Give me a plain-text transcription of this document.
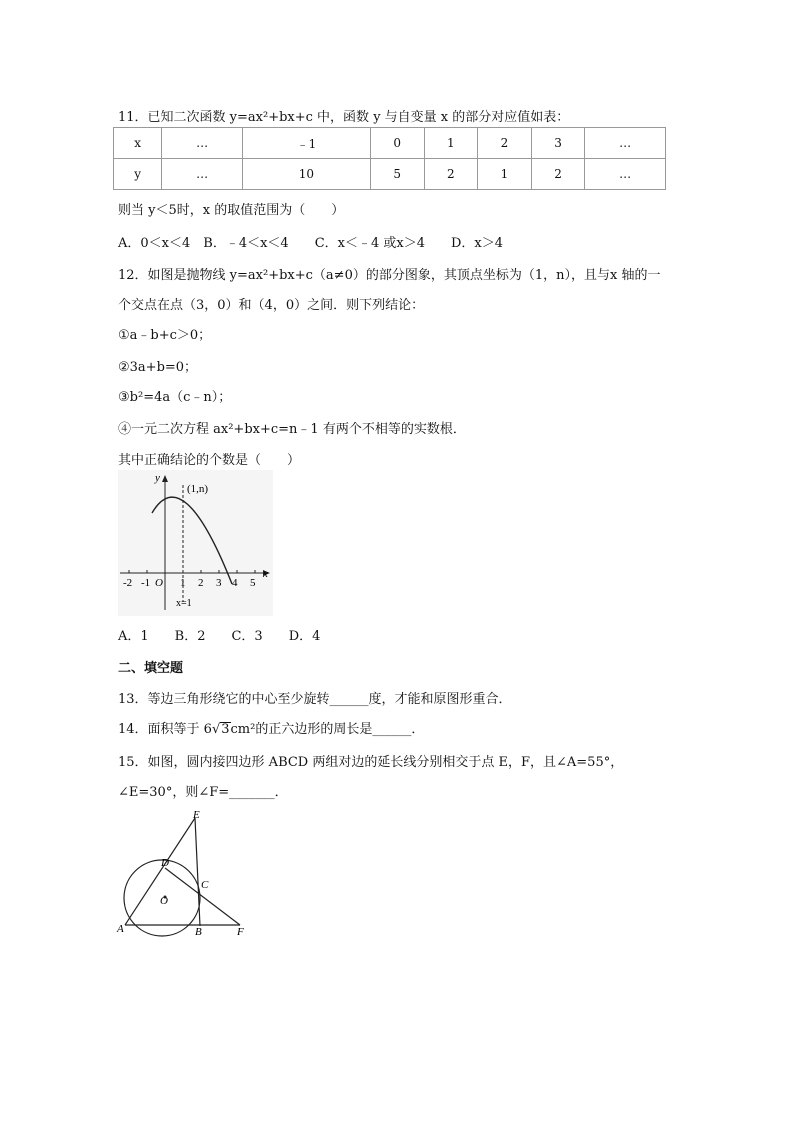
11．已知二次函数 y=ax²+bx+c 中，函数 y 与自变量 x 的部分对应值如表：
x	…	﹣1	0	1	2	3	…
y	…	10	5	2	1	2	…
则当 y＜5时，x 的取值范围为（　　）
A．0＜x＜4　B．﹣4＜x＜4　　C．x＜﹣4 或x＞4　　D．x＞4
12．如图是抛物线 y=ax²+bx+c（a≠0）的部分图象，其顶点坐标为（1，n），且与x 轴的一
个交点在点（3，0）和（4，0）之间．则下列结论：
①a﹣b+c＞0；
②3a+b=0；
③b²=4a（c﹣n）；
④一元二次方程 ax²+bx+c=n﹣1 有两个不相等的实数根．
其中正确结论的个数是（　　）
y
x
(1,n)
O
-2 -1	1 2 3 4 5
x=1
A．1　　B．2　　C．3　　D．4
二、填空题
13．等边三角形绕它的中心至少旋转______度，才能和原图形重合．
14．面积等于 6√3cm²的正六边形的周长是______．
15．如图，圆内接四边形 ABCD 两组对边的延长线分别相交于点 E，F，且∠A=55°，
∠E=30°，则∠F=_______．
E
D
C
O
A	B	F
